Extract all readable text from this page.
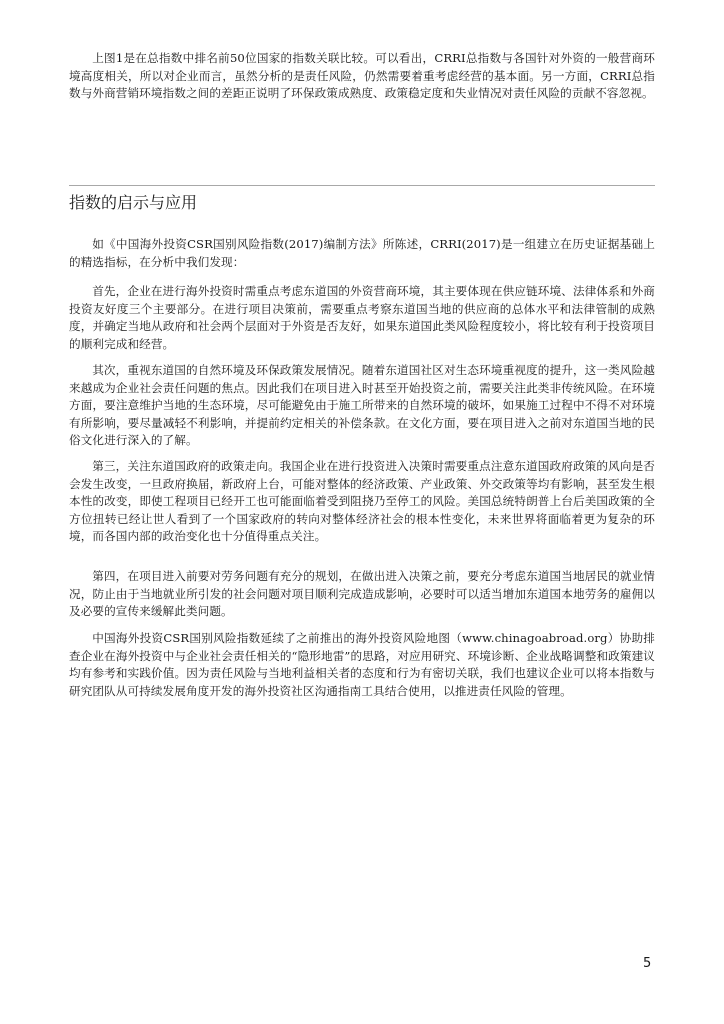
上图1是在总指数中排名前50位国家的指数关联比较。可以看出，CRRI总指数与各国针对外资的一般营商环境高度相关，所以对企业而言，虽然分析的是责任风险，仍然需要着重考虑经营的基本面。另一方面，CRRI总指数与外商营销环境指数之间的差距正说明了环保政策成熟度、政策稳定度和失业情况对责任风险的贡献不容忽视。

指数的启示与应用

如《中国海外投资CSR国别风险指数(2017)编制方法》所陈述，CRRI(2017)是一组建立在历史证据基础上的精选指标，在分析中我们发现：

首先，企业在进行海外投资时需重点考虑东道国的外资营商环境，其主要体现在供应链环境、法律体系和外商投资友好度三个主要部分。在进行项目决策前，需要重点考察东道国当地的供应商的总体水平和法律管制的成熟度，并确定当地从政府和社会两个层面对于外资是否友好，如果东道国此类风险程度较小，将比较有利于投资项目的顺利完成和经营。

其次，重视东道国的自然环境及环保政策发展情况。随着东道国社区对生态环境重视度的提升，这一类风险越来越成为企业社会责任问题的焦点。因此我们在项目进入时甚至开始投资之前，需要关注此类非传统风险。在环境方面，要注意维护当地的生态环境，尽可能避免由于施工所带来的自然环境的破坏，如果施工过程中不得不对环境有所影响，要尽量减轻不利影响，并提前约定相关的补偿条款。在文化方面，要在项目进入之前对东道国当地的民俗文化进行深入的了解。

第三，关注东道国政府的政策走向。我国企业在进行投资进入决策时需要重点注意东道国政府政策的风向是否会发生改变，一旦政府换届，新政府上台，可能对整体的经济政策、产业政策、外交政策等均有影响，甚至发生根本性的改变，即使工程项目已经开工也可能面临着受到阻挠乃至停工的风险。美国总统特朗普上台后美国政策的全方位扭转已经让世人看到了一个国家政府的转向对整体经济社会的根本性变化，未来世界将面临着更为复杂的环境，而各国内部的政治变化也十分值得重点关注。

第四，在项目进入前要对劳务问题有充分的规划，在做出进入决策之前，要充分考虑东道国当地居民的就业情况，防止由于当地就业所引发的社会问题对项目顺利完成造成影响，必要时可以适当增加东道国本地劳务的雇佣以及必要的宣传来缓解此类问题。

中国海外投资CSR国别风险指数延续了之前推出的海外投资风险地图（www.chinagoabroad.org）协助排查企业在海外投资中与企业社会责任相关的“隐形地雷”的思路，对应用研究、环境诊断、企业战略调整和政策建议均有参考和实践价值。因为责任风险与当地利益相关者的态度和行为有密切关联，我们也建议企业可以将本指数与研究团队从可持续发展角度开发的海外投资社区沟通指南工具结合使用，以推进责任风险的管理。

5
